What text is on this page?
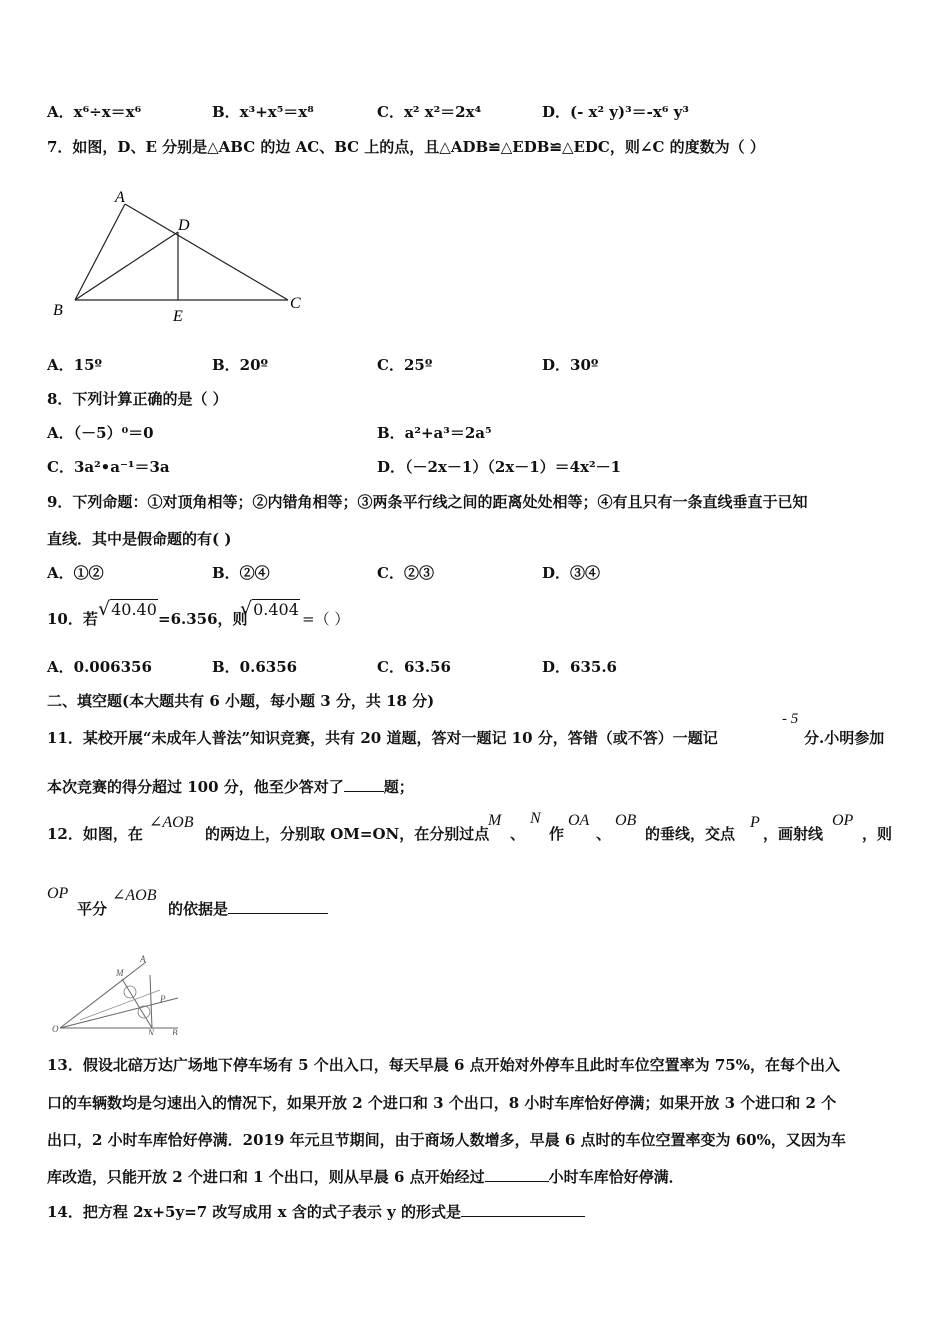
A．x⁶÷x＝x⁶	B．x³+x⁵＝x⁸	C．x² x²＝2x⁴	D．(- x² y)³＝-x⁶ y³
7．如图，D、E 分别是△ABC 的边 AC、BC 上的点，且△ADB≌△EDB≌△EDC，则∠C 的度数为（ ）
A
D
B	E
C
A．15º	B．20º	C．25º	D．30º
8．下列计算正确的是（ ）
A．（－5）⁰＝0	B．a²+a³＝2a⁵
C．3a²•a⁻¹＝3a	D．（－2x－1）（2x－1）＝4x²－1
9．下列命题：①对顶角相等；②内错角相等；③两条平行线之间的距离处处相等；④有且只有一条直线垂直于已知
直线．其中是假命题的有( )
A．①②	B．②④	C．②③	D．③④
10．若 √40.40 =6.356，则
√0.404 =（ ）
A．0.006356	B．0.6356	C．63.56	D．635.6
二、填空题(本大题共有 6 小题，每小题 3 分，共 18 分)
11．某校开展“未成年人普法”知识竞赛，共有 20 道题，答对一题记 10 分，答错（或不答）一题记
- 5
分.小明参加
本次竞赛的得分超过 100 分，他至少答对了	题；
12．如图，在
∠AOB
的两边上，分别取 OM=ON，在分别过点
M
、
N
作
OA
、
OB
的垂线，交点
P
，画射线
OP
，则
OP
平分
∠AOB
的依据是
O
A
M
P
N B
13．假设北碚万达广场地下停车场有 5 个出入口，每天早晨 6 点开始对外停车且此时车位空置率为 75%，在每个出入
口的车辆数均是匀速出入的情况下，如果开放 2 个进口和 3 个出口，8 小时车库恰好停满；如果开放 3 个进口和 2 个
出口，2 小时车库恰好停满．2019 年元旦节期间，由于商场人数增多，早晨 6 点时的车位空置率变为 60%，又因为车
库改造，只能开放 2 个进口和 1 个出口，则从早晨 6 点开始经过	小时车库恰好停满．
14．把方程 2x+5y=7 改写成用 x 含的式子表示 y 的形式是
